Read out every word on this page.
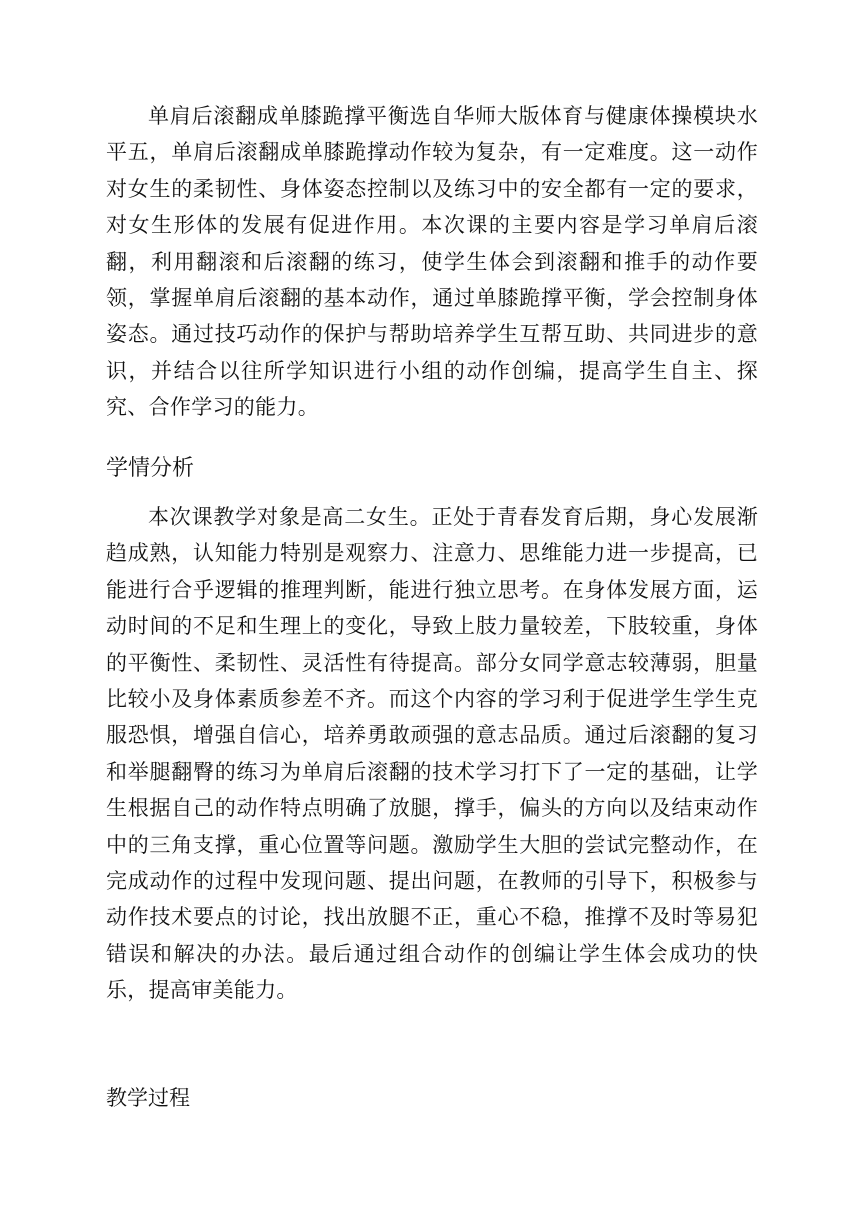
单肩后滚翻成单膝跪撑平衡选自华师大版体育与健康体操模块水平五，单肩后滚翻成单膝跪撑动作较为复杂，有一定难度。这一动作对女生的柔韧性、身体姿态控制以及练习中的安全都有一定的要求，对女生形体的发展有促进作用。本次课的主要内容是学习单肩后滚翻，利用翻滚和后滚翻的练习，使学生体会到滚翻和推手的动作要领，掌握单肩后滚翻的基本动作，通过单膝跪撑平衡，学会控制身体姿态。通过技巧动作的保护与帮助培养学生互帮互助、共同进步的意识，并结合以往所学知识进行小组的动作创编，提高学生自主、探究、合作学习的能力。

学情分析

本次课教学对象是高二女生。正处于青春发育后期，身心发展渐趋成熟，认知能力特别是观察力、注意力、思维能力进一步提高，已能进行合乎逻辑的推理判断，能进行独立思考。在身体发展方面，运动时间的不足和生理上的变化，导致上肢力量较差，下肢较重，身体的平衡性、柔韧性、灵活性有待提高。部分女同学意志较薄弱，胆量比较小及身体素质参差不齐。而这个内容的学习利于促进学生学生克服恐惧，增强自信心，培养勇敢顽强的意志品质。通过后滚翻的复习和举腿翻臀的练习为单肩后滚翻的技术学习打下了一定的基础，让学生根据自己的动作特点明确了放腿，撑手，偏头的方向以及结束动作中的三角支撑，重心位置等问题。激励学生大胆的尝试完整动作，在完成动作的过程中发现问题、提出问题，在教师的引导下，积极参与动作技术要点的讨论，找出放腿不正，重心不稳，推撑不及时等易犯错误和解决的办法。最后通过组合动作的创编让学生体会成功的快乐，提高审美能力。

教学过程
